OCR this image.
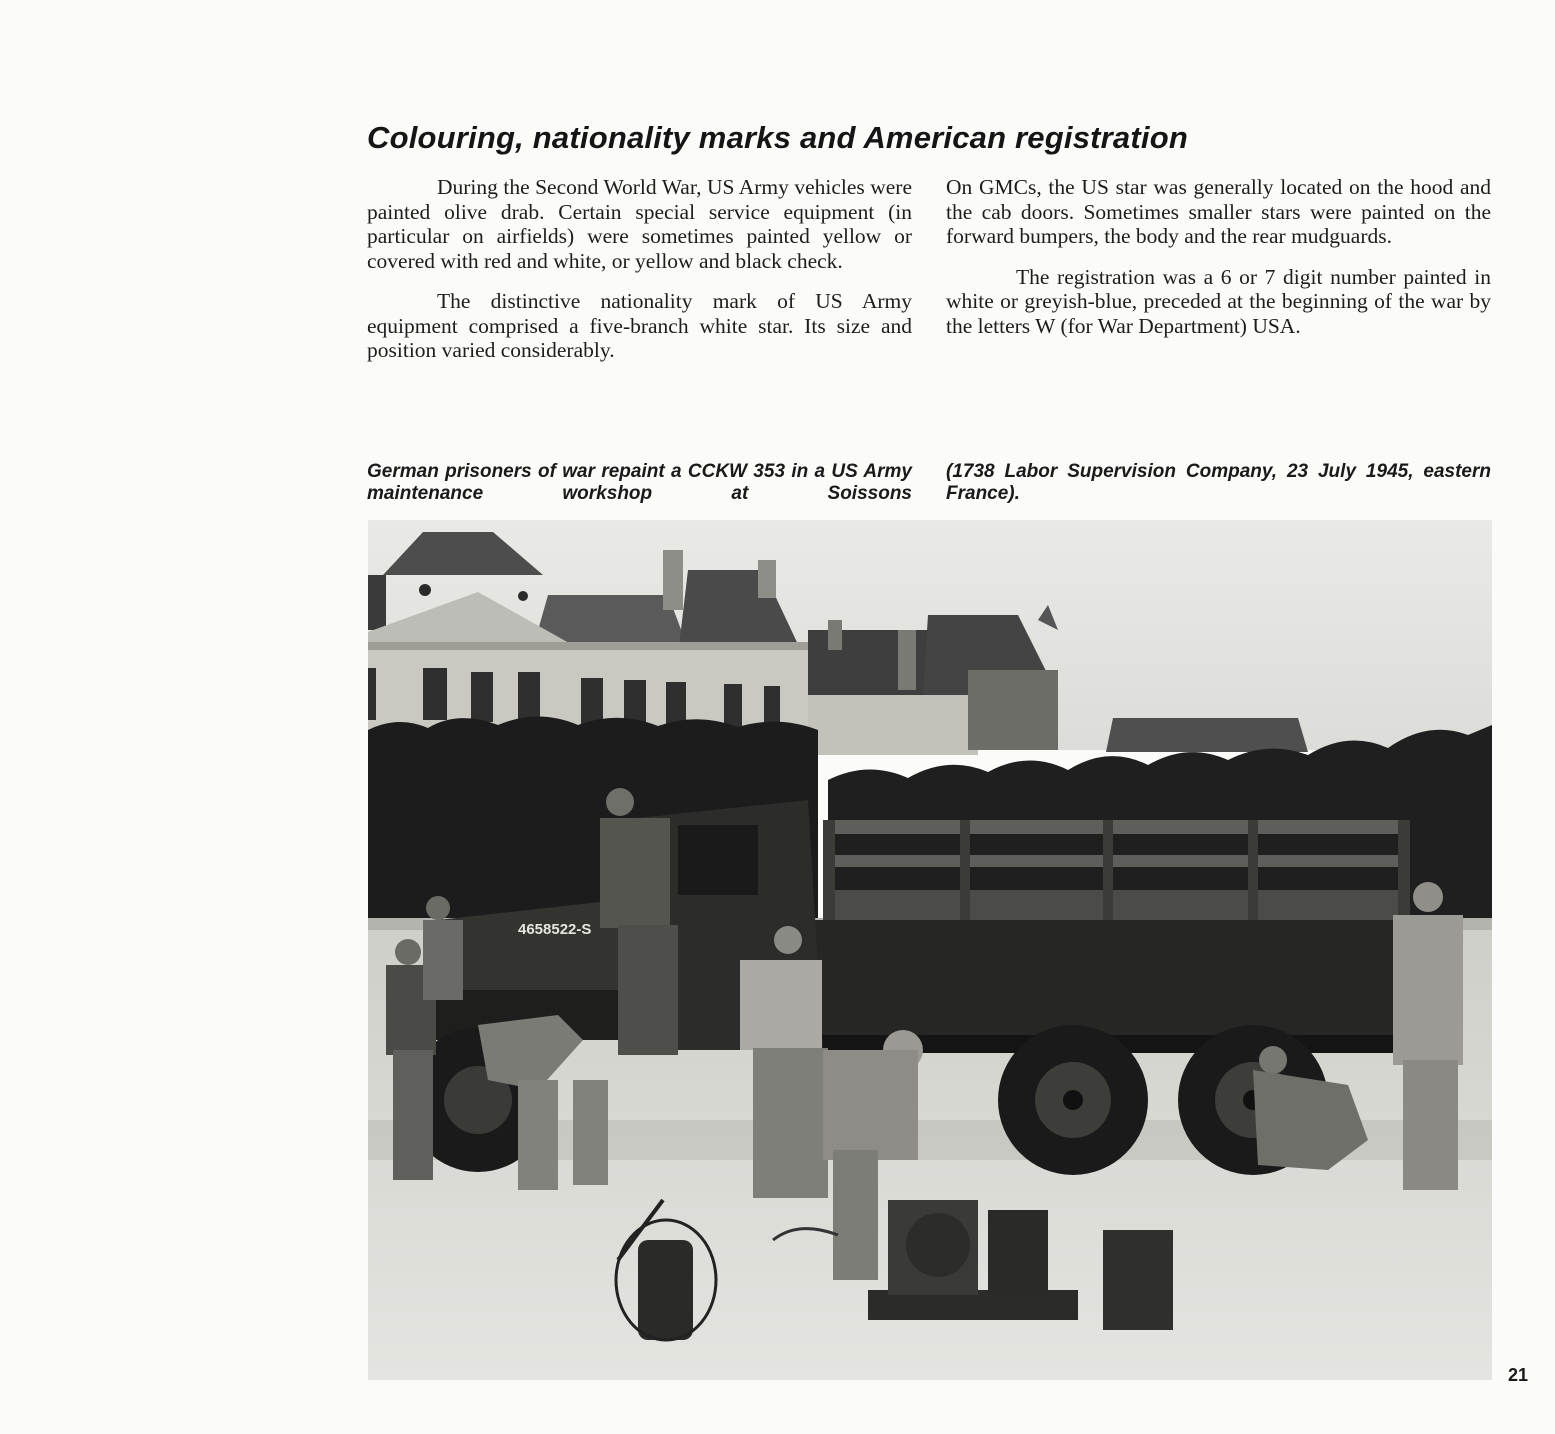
Colouring, nationality marks and American registration

During the Second World War, US Army vehicles were painted olive drab. Certain special service equipment (in particular on airfields) were sometimes painted yellow or covered with red and white, or yellow and black check.

The distinctive nationality mark of US Army equipment comprised a five-branch white star. Its size and position varied considerably.

On GMCs, the US star was generally located on the hood and the cab doors. Sometimes smaller stars were painted on the forward bumpers, the body and the rear mudguards.

The registration was a 6 or 7 digit number painted in white or greyish-blue, preceded at the beginning of the war by the letters W (for War Department) USA.

German prisoners of war repaint a CCKW 353 in a US Army maintenance workshop at Soissons
(1738 Labor Supervision Company, 23 July 1945, eastern France).
4658522-S
21
